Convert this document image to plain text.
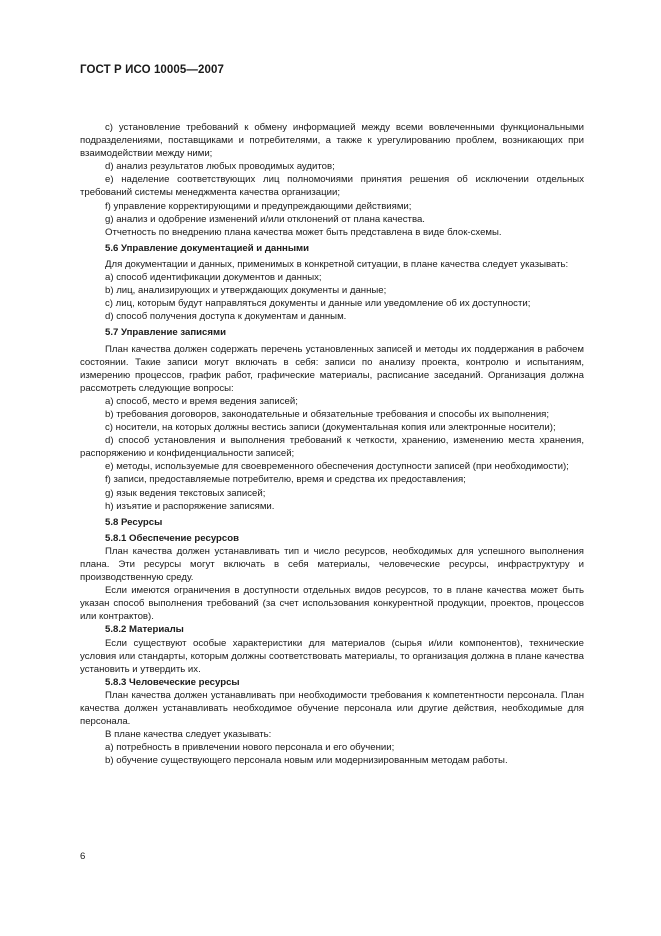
ГОСТ Р ИСО 10005—2007

c) установление требований к обмену информацией между всеми вовлеченными функциональными подразделениями, поставщиками и потребителями, а также к урегулированию проблем, возникающих при взаимодействии между ними;

d) анализ результатов любых проводимых аудитов;

e) наделение соответствующих лиц полномочиями принятия решения об исключении отдельных требований системы менеджмента качества организации;

f) управление корректирующими и предупреждающими действиями;

g) анализ и одобрение изменений и/или отклонений от плана качества.

Отчетность по внедрению плана качества может быть представлена в виде блок-схемы.

5.6 Управление документацией и данными

Для документации и данных, применимых в конкретной ситуации, в плане качества следует указывать:

a) способ идентификации документов и данных;

b) лиц, анализирующих и утверждающих документы и данные;

c) лиц, которым будут направляться документы и данные или уведомление об их доступности;

d) способ получения доступа к документам и данным.

5.7 Управление записями

План качества должен содержать перечень установленных записей и методы их поддержания в рабочем состоянии. Такие записи могут включать в себя: записи по анализу проекта, контролю и испытаниям, измерению процессов, график работ, графические материалы, расписание заседаний. Организация должна рассмотреть следующие вопросы:

a) способ, место и время ведения записей;

b) требования договоров, законодательные и обязательные требования и способы их выполнения;

c) носители, на которых должны вестись записи (документальная копия или электронные носители);

d) способ установления и выполнения требований к четкости, хранению, изменению места хранения, распоряжению и конфиденциальности записей;

e) методы, используемые для своевременного обеспечения доступности записей (при необходимости);

f) записи, предоставляемые потребителю, время и средства их предоставления;

g) язык ведения текстовых записей;

h) изъятие и распоряжение записями.

5.8 Ресурсы

5.8.1 Обеспечение ресурсов

План качества должен устанавливать тип и число ресурсов, необходимых для успешного выполнения плана. Эти ресурсы могут включать в себя материалы, человеческие ресурсы, инфраструктуру и производственную среду.

Если имеются ограничения в доступности отдельных видов ресурсов, то в плане качества может быть указан способ выполнения требований (за счет использования конкурентной продукции, проектов, процессов или контрактов).

5.8.2 Материалы

Если существуют особые характеристики для материалов (сырья и/или компонентов), технические условия или стандарты, которым должны соответствовать материалы, то организация должна в плане качества установить и утвердить их.

5.8.3 Человеческие ресурсы

План качества должен устанавливать при необходимости требования к компетентности персонала. План качества должен устанавливать необходимое обучение персонала или другие действия, необходимые для персонала.

В плане качества следует указывать:

a) потребность в привлечении нового персонала и его обучении;

b) обучение существующего персонала новым или модернизированным методам работы.

6
